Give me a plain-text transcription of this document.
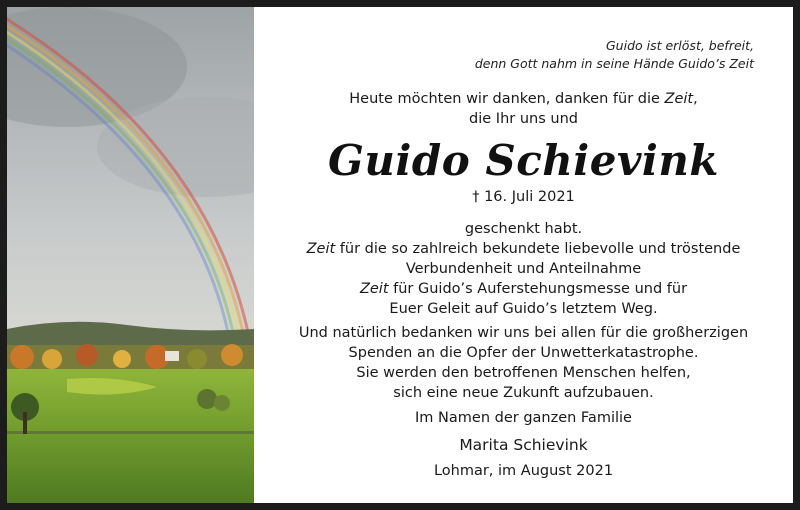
Guido ist erlöst, befreit,
denn Gott nahm in seine Hände Guido’s Zeit
Heute möchten wir danken, danken für die Zeit,
die Ihr uns und
Guido Schievink
† 16. Juli 2021
geschenkt habt.
Zeit für die so zahlreich bekundete liebevolle und tröstende
Verbundenheit und Anteilnahme
Zeit für Guido’s Auferstehungsmesse und für
Euer Geleit auf Guido’s letztem Weg.
Und natürlich bedanken wir uns bei allen für die großherzigen
Spenden an die Opfer der Unwetterkatastrophe.
Sie werden den betroffenen Menschen helfen,
sich eine neue Zukunft aufzubauen.
Im Namen der ganzen Familie
Marita Schievink
Lohmar, im August 2021
